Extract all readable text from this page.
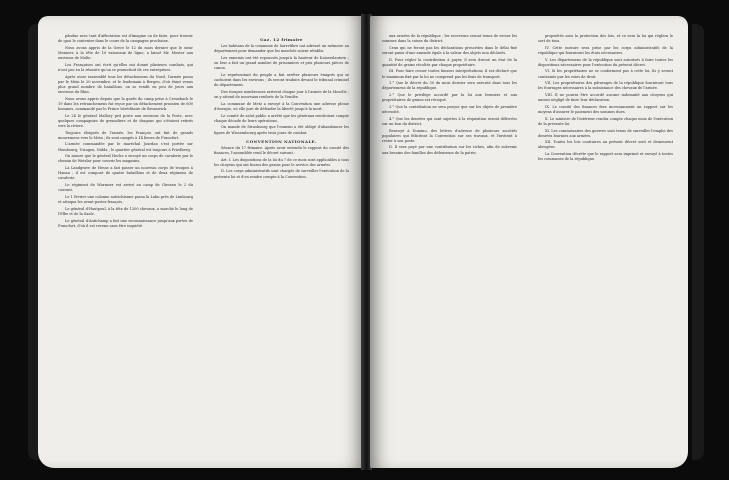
pândue avec tant d'affectation est d'imagine ou de faire, pour trouver de quoi le contenter dans le cours de la campagne prochaine.

Nous avons appris de la Grece le 12 du mois dernier que le sieur Monnier, à la tête de 10 vaisseaux de ligne, a laissé Mr. Moster aux environs de Malte.

Les Françaises ont écrit qu'elles ont donné plusieurs combats, qui n'ont pas eu la réussite qu'on se promettoit de ces entreprises.

Après avoir rassemblé tous les détachemens du Nord, l'armée passa par le Mein le 20 novembre, et le lendemain à Bergen, d'où étant venus plus grand nombre de bataillons, on se rendit en peu de jours aux environs du Rhin.

Nous avons appris depuis que la garde du camp prise à Creuzbach le 19 dans les retranchemens fut reçue par un détachement prussien de 600 hommes, commandé par le Prince héréditaire de Brunswick.

Le 24 le général Mallory prit poste aux environs de la Porte, avec quelques compagnies de grenadiers et de dragons qui s'étoient retirés vers la riviere.

Toujours éloignés de l'armée, les François ont fait de grands mouvemens vers le Mein ; ils sont campés à 14 lieues de Francfort.

L'armée commandée par le maréchal Jourdan s'est portée sur Hombourg, Usingen, Nidda ; le quartier général est toujours à Friedberg.

On assure que le général Hoche a envoyé un corps de cavalerie par le chemin de Wetzlar pour couvrir les magasins.

La Landgrave de Hesse a fait passer un nouveau corps de troupes à Hanau ; il est composé de quatre bataillons et de deux régimens de cavalerie.

Le régiment de Wurmser est arrivé au camp de Giessen le 2 du courant.

Le 1 février une colonne autrichienne passa la Lahn près de Limbourg et attaqua les avant-postes françois.

Le général d'Hautpoul, à la tête de 1200 chevaux, a marché le long de l'Elbe et de la Saale.

Le général d'Autichamp a fait une reconnaissance jusqu'aux portes de Francfort, d'où il est revenu sans être inquiété.

Gaz. 12 frimaire

Les habitans de la commune de Sarrelibre ont adressé un mémoire au département pour demander que les marchés soient rétablis.

Les ennemis ont été repoussés jusqu'à la hauteur de Kaiserslautern ; on leur a fait un grand nombre de prisonniers et pris plusieurs pièces de canon.

Le représentant du peuple a fait arrêter plusieurs émigrés qui se cachoient dans les environs ; ils seront traduits devant le tribunal criminel du département.

Des troupes nombreuses arrivent chaque jour à l'armée de la Moselle ; on y attend de nouveaux renforts de la Vendée.

La commune de Metz a envoyé à la Convention une adresse pleine d'énergie, où elle jure de défendre la liberté jusqu'à la mort.

Le comité de salut public a arrêté que les généraux rendroient compte chaque décade de leurs opérations.

On mande de Strasbourg que l'ennemi a été obligé d'abandonner les lignes de Wissembourg après trois jours de combat.

CONVENTION NATIONALE.

Séance du 17 frimaire. Après avoir entendu le rapport du comité des finances, l'assemblée rend le décret suivant :

Art. I. Les dispositions de la loi du 7 de ce mois sont applicables à tous les citoyens qui ont fourni des grains pour le service des armées.

II. Les corps administratifs sont chargés de surveiller l'exécution de la présente loi et d'en rendre compte à la Convention.

aux armées de la république ; les receveurs seront tenus de verser les sommes dans la caisse du district.

Ceux qui ne feront pas les déclarations prescrites dans le délai fixé seront punis d'une amende égale à la valeur des objets non déclarés.

II. Pour régler la contribution à payer, il sera dressé un état de la quantité de grains récoltés par chaque propriétaire.

III. Pour faire cesser toutes fausses interprétations, il est déclaré que le maximum fixé par la loi ne comprend pas les frais de transport.

1.° Que le décret du 30 du mois dernier sera exécuté dans tous les départemens de la république.

2.° Que le privilège accordé par la loi aux fermiers et aux propriétaires de grains est révoqué.

3.° Que la contribution ne sera perçue que sur les objets de première nécessité.

4.° Que les denrées qui sont sujettes à la réquisition seront délivrées sur un bon du district.

Renvoyé à Domino, des lettres d'adresse de plusieurs sociétés populaires qui félicitent la Convention sur ses travaux, et l'invitent à rester à son poste.

II. Il sera payé par une contribution sur les riches, afin de subvenir aux besoins des familles des défenseurs de la patrie.

propriétés sous la protection des lois, et ce sera la loi qui réglera le sort de tous.

IV. Cette mesure sera prise par les corps administratifs de la république qui fourniront les états nécessaires.

V. Les départemens de la république sont autorisés à faire toutes les dispositions nécessaires pour l'exécution du présent décret.

VI. Si les propriétaires ne se conforment pas à cette loi, ils y seront contraints par les voies de droit.

VII. Les propriétaires des pâturages de la république fourniront tous les fourrages nécessaires à la subsistance des chevaux de l'armée.

VIII. Il ne pourra être accordé aucune indemnité aux citoyens qui auront négligé de faire leur déclaration.

IX. Le comité des finances fera incessamment un rapport sur les moyens d'assurer le paiement des sommes dues.

X. Le ministre de l'intérieur rendra compte chaque mois de l'exécution de la présente loi.

XI. Les commissaires des guerres sont tenus de surveiller l'emploi des denrées fournies aux armées.

XII. Toutes les lois contraires au présent décret sont et demeurent abrogées.

La Convention décrète que le rapport sera imprimé et envoyé à toutes les communes de la république.
